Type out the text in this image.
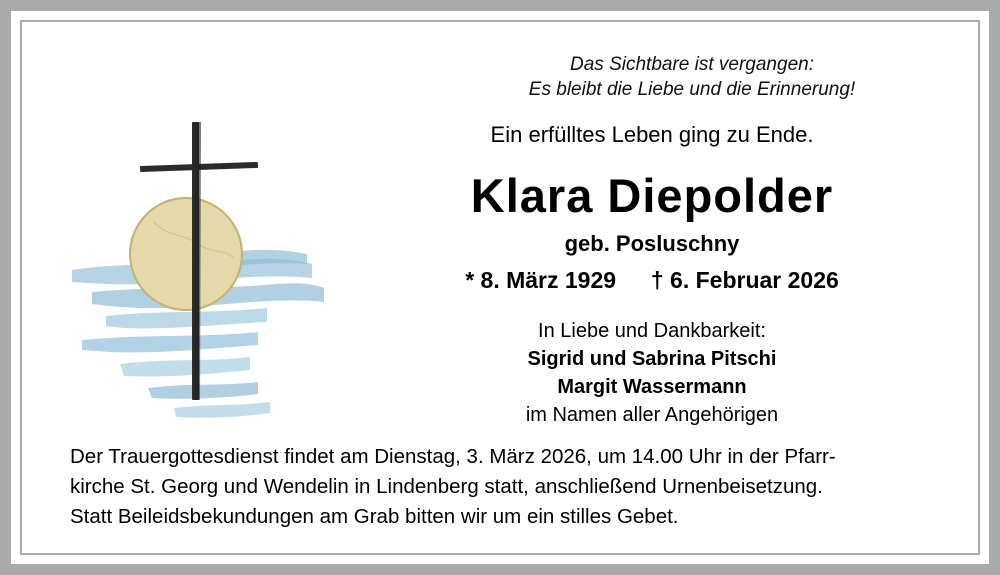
Das Sichtbare ist vergangen:
Es bleibt die Liebe und die Erinnerung!
Ein erfülltes Leben ging zu Ende.
Klara Diepolder
geb. Posluschny
* 8. März 1929 † 6. Februar 2026
In Liebe und Dankbarkeit:
Sigrid und Sabrina Pitschi
Margit Wassermann
im Namen aller Angehörigen
Der Trauergottesdienst findet am Dienstag, 3. März 2026, um 14.00 Uhr in der Pfarr-
kirche St. Georg und Wendelin in Lindenberg statt, anschließend Urnenbeisetzung.
Statt Beileidsbekundungen am Grab bitten wir um ein stilles Gebet.
